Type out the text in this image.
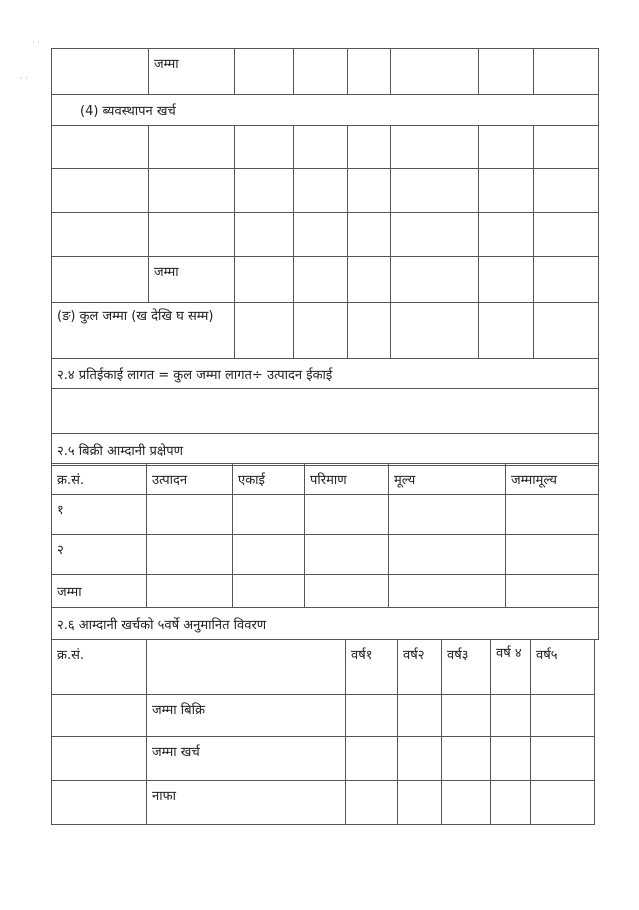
· ·
· ·
	जम्मा						
(4) ब्यवस्थापन खर्च							

	जम्मा						
(ङ) कुल जम्मा (ख देखि घ सम्म)							
२.४ प्रतिईकाई लागत = कुल जम्मा लागत÷ उत्पादन ईकाई							

२.५ बिक्री आम्दानी प्रक्षेपण							
क्र.सं.	उत्पादन	एकाई	परिमाण	मूल्य	जम्मामूल्य
१					
२					
जम्मा					
२.६ आम्दानी खर्चको ५वर्षे अनुमानित विवरण					
क्र.सं.		वर्ष१	वर्ष२	वर्ष३	वर्ष ४	वर्ष५
	जम्मा बिक्रि					
	जम्मा खर्च					
	नाफा					
